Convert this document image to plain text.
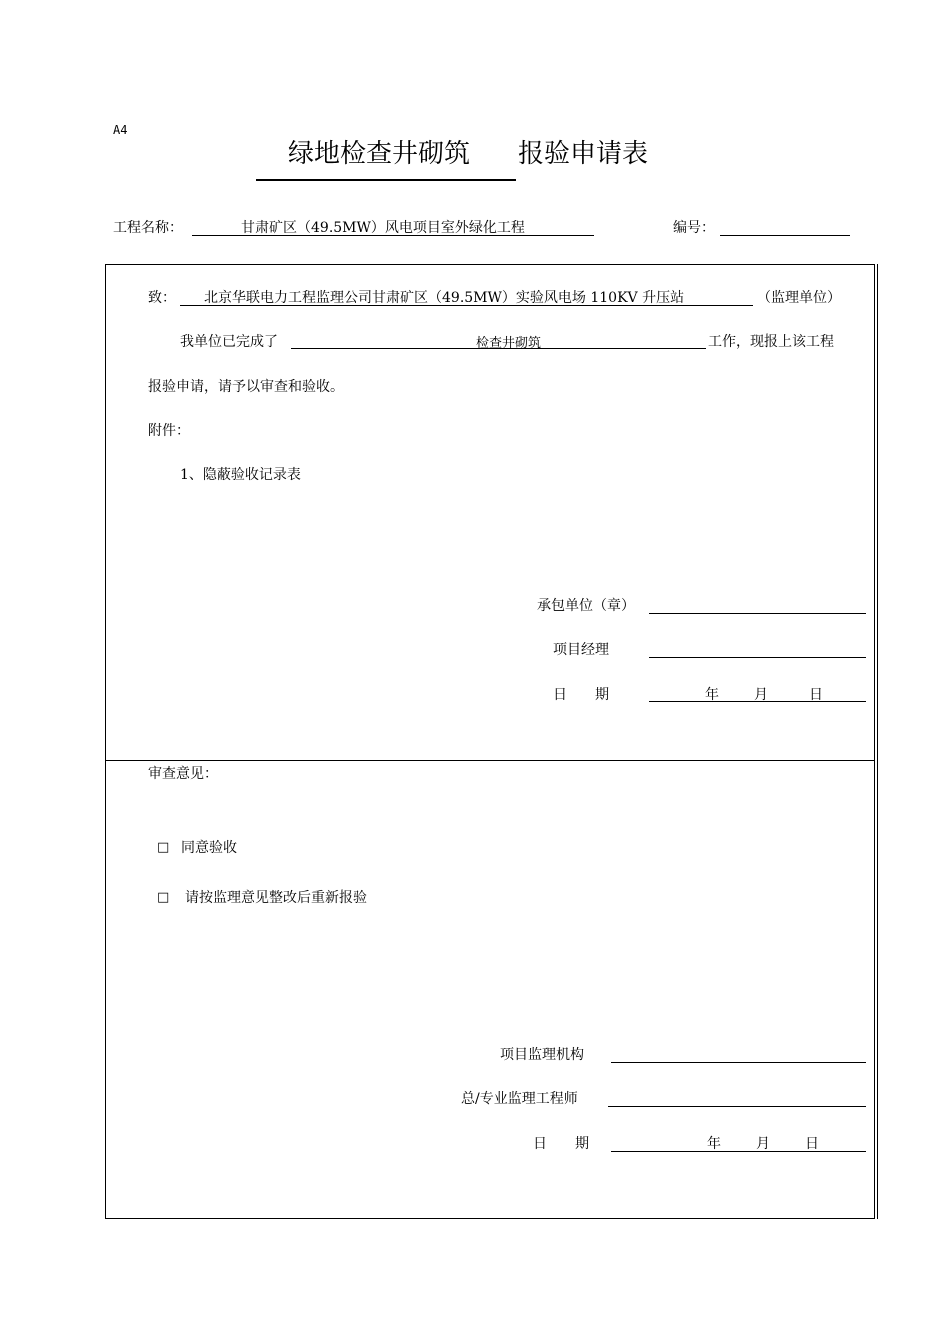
A4
绿地检查井砌筑 报验申请表
工程名称：	甘肃矿区（49.5MW）风电项目室外绿化工程	编号：
致： 北京华联电力工程监理公司甘肃矿区（49.5MW）实验风电场 110KV 升压站	（监理单位）
我单位已完成了	检查井砌筑	工作，现报上该工程
报验申请，请予以审查和验收。
附件：
1、隐蔽验收记录表
承包单位（章）
项目经理
日　　期	年	月	日
审查意见：
□ 同意验收
□ 请按监理意见整改后重新报验
项目监理机构
总/专业监理工程师
日　　期	年	月	日
